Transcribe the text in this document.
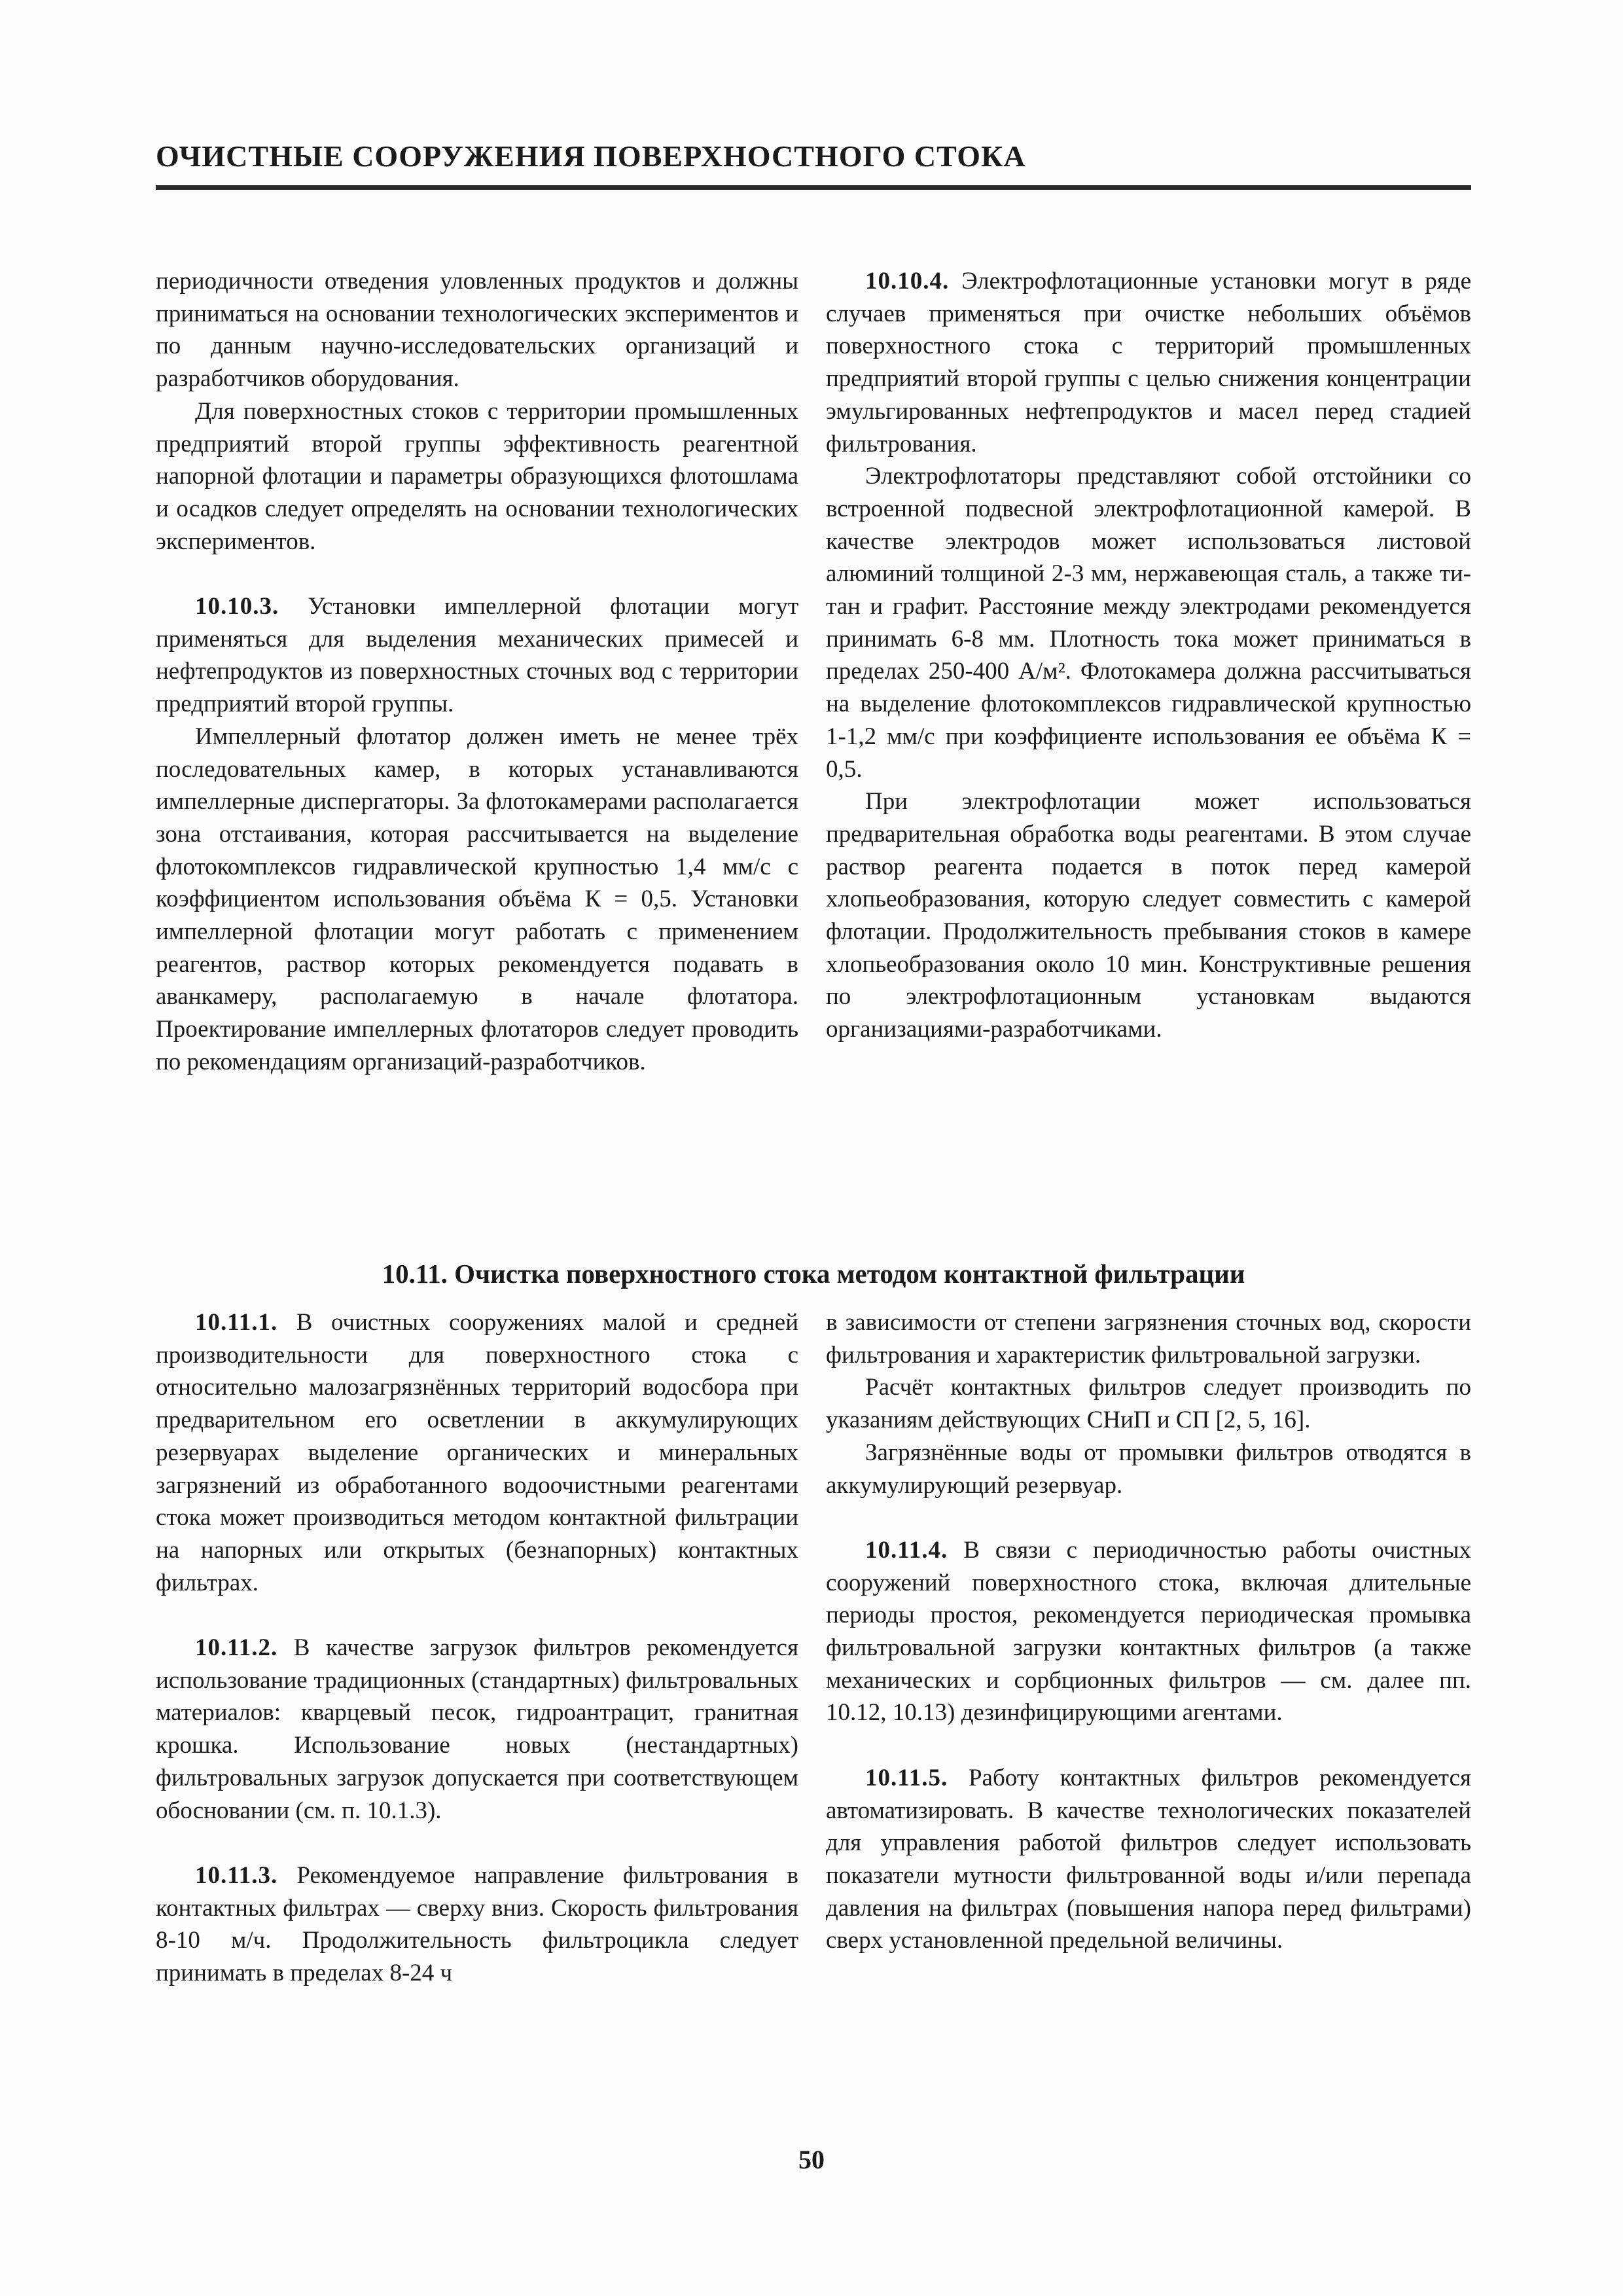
ОЧИСТНЫЕ СООРУЖЕНИЯ ПОВЕРХНОСТНОГО СТОКА

периодичности отведения уловленных продуктов и должны приниматься на основании технологических экспериментов и по данным научно-исследовательских организаций и разработчиков оборудования.

Для поверхностных стоков с территории промышленных предприятий второй группы эффективность реагентной напорной флотации и параметры образующихся флотошлама и осадков следует определять на основании технологических экспериментов.

10.10.3. Установки импеллерной флотации могут применяться для выделения механических примесей и нефтепродуктов из поверхностных сточных вод с территории предприятий второй группы.

Импеллерный флотатор должен иметь не менее трёх последовательных камер, в которых устанавливаются импеллерные диспергаторы. За флотокамерами располагается зона отстаивания, которая рассчитывается на выделение флотокомплексов гидравлической крупностью 1,4 мм/с с коэффициентом использования объёма К = 0,5. Установки импеллерной флотации могут работать с применением реагентов, раствор которых рекомендуется подавать в аванкамеру, располагаемую в начале флотатора. Проектирование импеллерных флотаторов следует проводить по рекомендациям организаций-разработчиков.

10.10.4. Электрофлотационные установки могут в ряде случаев применяться при очистке небольших объёмов поверхностного стока с территорий промышленных предприятий второй группы с целью снижения концентрации эмульгированных нефтепродуктов и масел перед стадией фильтрования.

Электрофлотаторы представляют собой отстойники со встроенной подвесной электрофлотационной камерой. В качестве электродов может использоваться листовой алюминий толщиной 2-3 мм, нержавеющая сталь, а также титан и графит. Расстояние между электродами рекомендуется принимать 6-8 мм. Плотность тока может приниматься в пределах 250-400 А/м². Флотокамера должна рассчитываться на выделение флотокомплексов гидравлической крупностью 1-1,2 мм/с при коэффициенте использования ее объёма К = 0,5.

При электрофлотации может использоваться предварительная обработка воды реагентами. В этом случае раствор реагента подается в поток перед камерой хлопьеобразования, которую следует совместить с камерой флотации. Продолжительность пребывания стоков в камере хлопьеобразования около 10 мин. Конструктивные решения по электрофлотационным установкам выдаются организациями-разработчиками.

10.11. Очистка поверхностного стока методом контактной фильтрации

10.11.1. В очистных сооружениях малой и средней производительности для поверхностного стока с относительно малозагрязнённых территорий водосбора при предварительном его осветлении в аккумулирующих резервуарах выделение органических и минеральных загрязнений из обработанного водоочистными реагентами стока может производиться методом контактной фильтрации на напорных или открытых (безнапорных) контактных фильтрах.

10.11.2. В качестве загрузок фильтров рекомендуется использование традиционных (стандартных) фильтровальных материалов: кварцевый песок, гидроантрацит, гранитная крошка. Использование новых (нестандартных) фильтровальных загрузок допускается при соответствующем обосновании (см. п. 10.1.3).

10.11.3. Рекомендуемое направление фильтрования в контактных фильтрах — сверху вниз. Скорость фильтрования 8-10 м/ч. Продолжительность фильтроцикла следует принимать в пределах 8-24 ч

в зависимости от степени загрязнения сточных вод, скорости фильтрования и характеристик фильтровальной загрузки.

Расчёт контактных фильтров следует производить по указаниям действующих СНиП и СП [2, 5, 16].

Загрязнённые воды от промывки фильтров отводятся в аккумулирующий резервуар.

10.11.4. В связи с периодичностью работы очистных сооружений поверхностного стока, включая длительные периоды простоя, рекомендуется периодическая промывка фильтровальной загрузки контактных фильтров (а также механических и сорбционных фильтров — см. далее пп. 10.12, 10.13) дезинфицирующими агентами.

10.11.5. Работу контактных фильтров рекомендуется автоматизировать. В качестве технологических показателей для управления работой фильтров следует использовать показатели мутности фильтрованной воды и/или перепада давления на фильтрах (повышения напора перед фильтрами) сверх установленной предельной величины.

50
